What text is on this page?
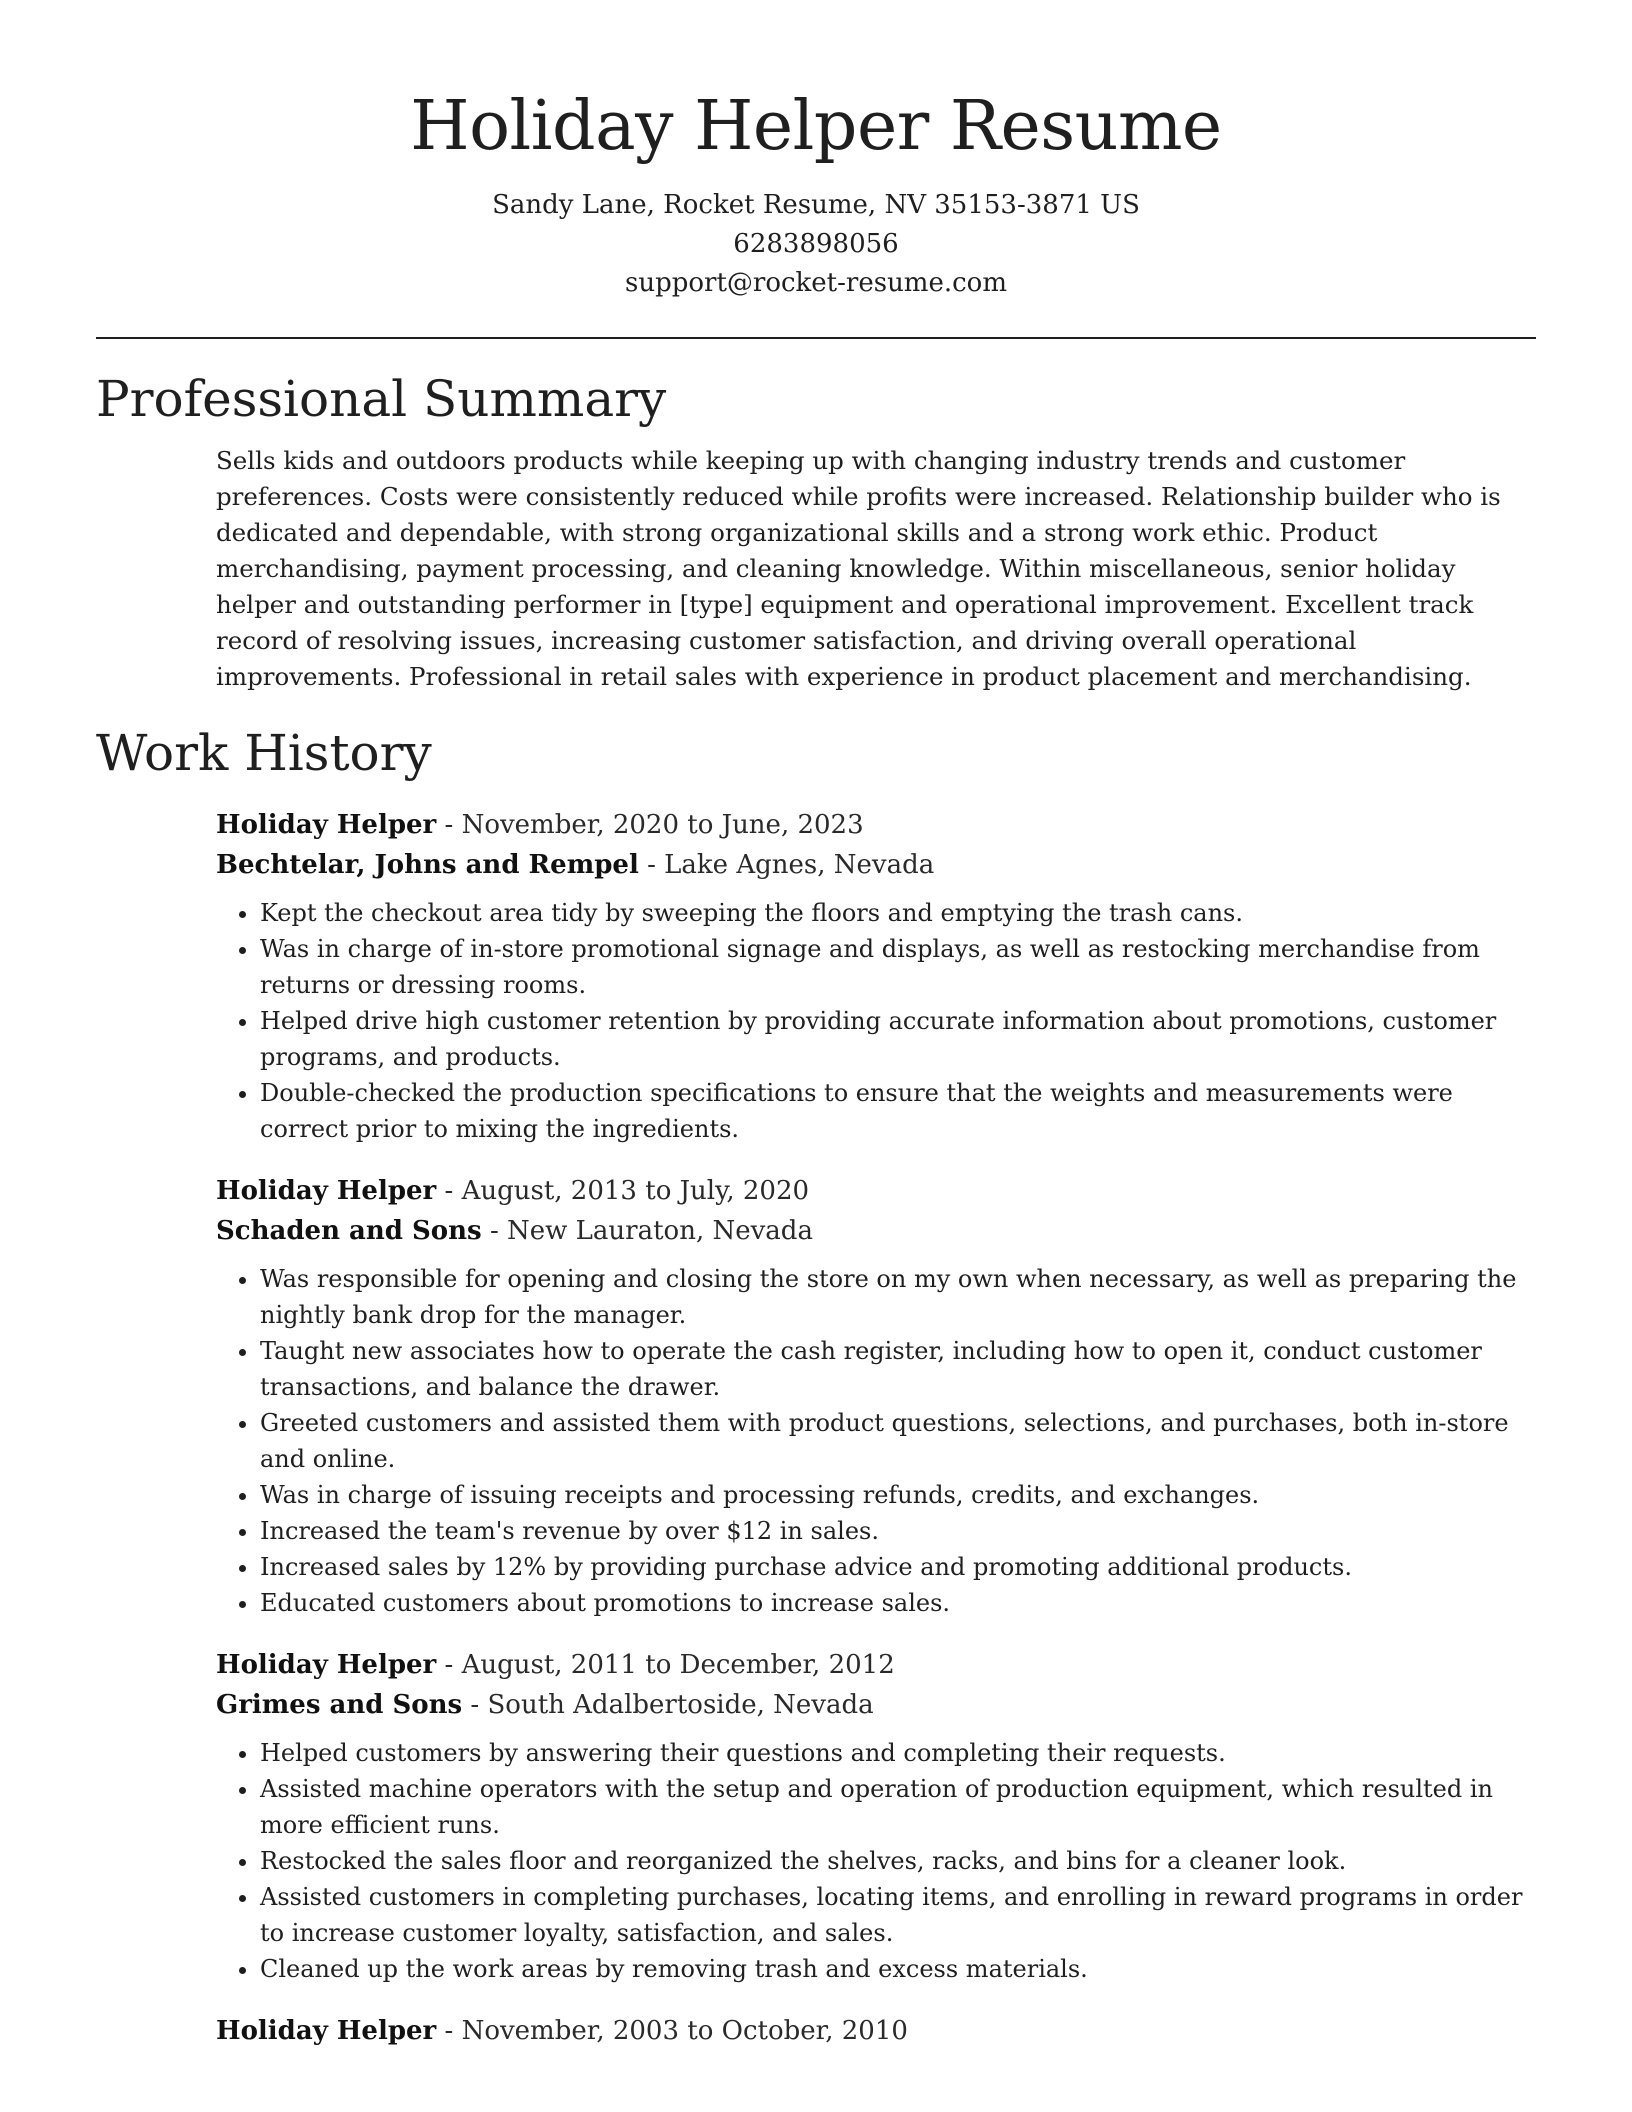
Holiday Helper Resume
Sandy Lane, Rocket Resume, NV 35153-3871 US
6283898056
support@rocket-resume.com
Professional Summary

Sells kids and outdoors products while keeping up with changing industry trends and customer preferences. Costs were consistently reduced while profits were increased. Relationship builder who is dedicated and dependable, with strong organizational skills and a strong work ethic. Product merchandising, payment processing, and cleaning knowledge. Within miscellaneous, senior holiday helper and outstanding performer in [type] equipment and operational improvement. Excellent track record of resolving issues, increasing customer satisfaction, and driving overall operational improvements. Professional in retail sales with experience in product placement and merchandising.

Work History
Holiday Helper - November, 2020 to June, 2023
Bechtelar, Johns and Rempel - Lake Agnes, Nevada
• Kept the checkout area tidy by sweeping the floors and emptying the trash cans.
• Was in charge of in-store promotional signage and displays, as well as restocking merchandise from returns or dressing rooms.
• Helped drive high customer retention by providing accurate information about promotions, customer programs, and products.
• Double-checked the production specifications to ensure that the weights and measurements were correct prior to mixing the ingredients.
Holiday Helper - August, 2013 to July, 2020
Schaden and Sons - New Lauraton, Nevada
• Was responsible for opening and closing the store on my own when necessary, as well as preparing the nightly bank drop for the manager.
• Taught new associates how to operate the cash register, including how to open it, conduct customer transactions, and balance the drawer.
• Greeted customers and assisted them with product questions, selections, and purchases, both in-store and online.
• Was in charge of issuing receipts and processing refunds, credits, and exchanges.
• Increased the team's revenue by over $12 in sales.
• Increased sales by 12% by providing purchase advice and promoting additional products.
• Educated customers about promotions to increase sales.
Holiday Helper - August, 2011 to December, 2012
Grimes and Sons - South Adalbertoside, Nevada
• Helped customers by answering their questions and completing their requests.
• Assisted machine operators with the setup and operation of production equipment, which resulted in more efficient runs.
• Restocked the sales floor and reorganized the shelves, racks, and bins for a cleaner look.
• Assisted customers in completing purchases, locating items, and enrolling in reward programs in order to increase customer loyalty, satisfaction, and sales.
• Cleaned up the work areas by removing trash and excess materials.
Holiday Helper - November, 2003 to October, 2010
